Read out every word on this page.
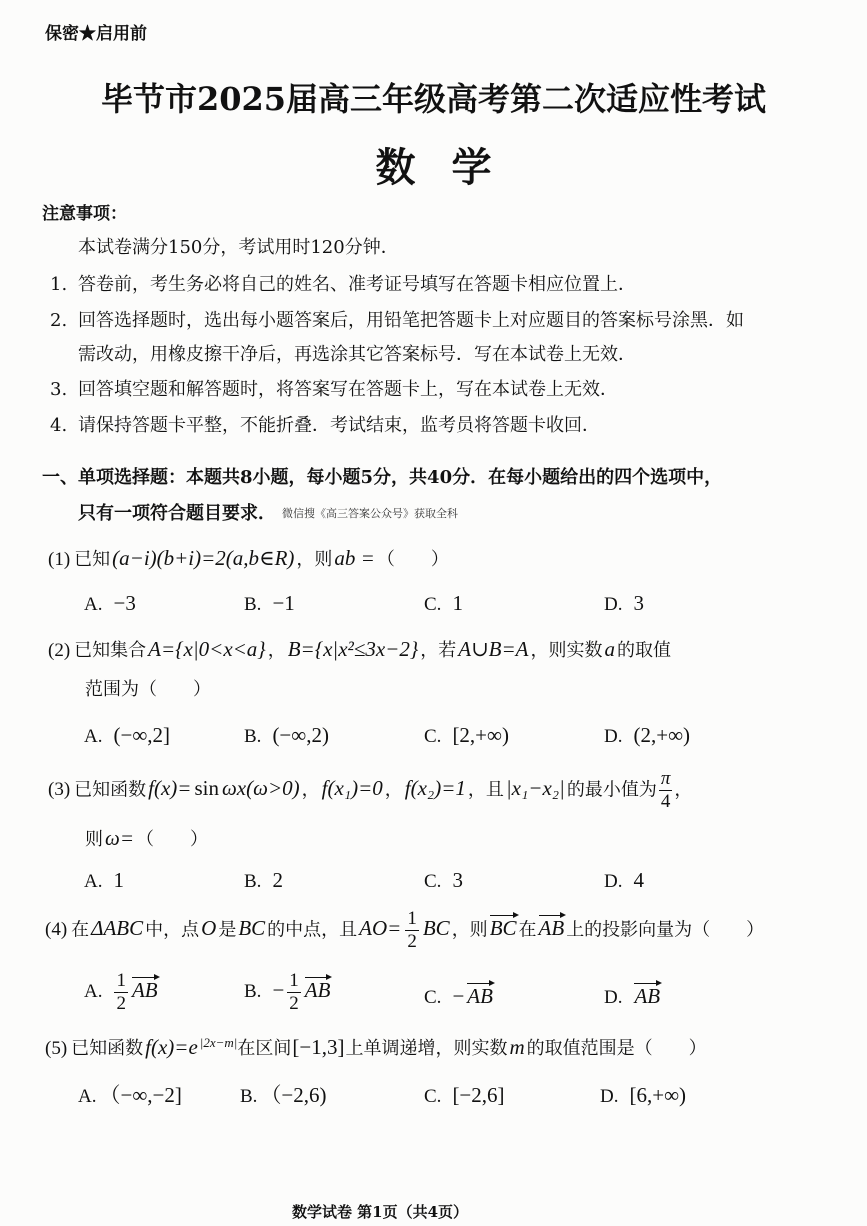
保密★启用前
毕节市2025届高三年级高考第二次适应性考试
数学
注意事项：
本试卷满分150分，考试用时120分钟．
1. 答卷前，考生务必将自己的姓名、准考证号填写在答题卡相应位置上．
2. 回答选择题时，选出每小题答案后，用铅笔把答题卡上对应题目的答案标号涂黑．如
需改动，用橡皮擦干净后，再选涂其它答案标号．写在本试卷上无效．
3. 回答填空题和解答题时，将答案写在答题卡上，写在本试卷上无效．
4. 请保持答题卡平整，不能折叠．考试结束，监考员将答题卡收回．
一、单项选择题：本题共8小题，每小题5分，共40分．在每小题给出的四个选项中，
只有一项符合题目要求． 微信搜《高三答案公众号》获取全科
(1) 已知(a−i)(b+i)=2(a,b∈R) ，则ab = （　　）
A. −3	B. −1	C. 1	D. 3
(2) 已知集合A={x|0<x<a} ，B={x|x²≤3x−2} ，若A∪B=A ，则实数a 的取值
范围为（　　）
A. (−∞,2]	B. (−∞,2)	C. [2,+∞)	D. (2,+∞)
(3) 已知函数f(x)= sin ωx(ω>0) ，f(x₁)=0 ，f(x₂)=1 ，且|x₁−x₂| 的最小值为 $\frac{\pi}{4}$ ，
则ω= （　　）
A. 1	B. 2	C. 3	D. 4
(4) 在ΔABC 中，点O 是BC 的中点，且$AO= \frac{1}{2}$ BC ，则BC 在AB 上的投影向量为（　　）
A. $\frac{1}{2}$ AB	B. − $\frac{1}{2}$ AB	C. − AB	D. AB
(5) 已知函数f(x)=e $^{|2x-m|}$在区间[−1,3]上单调递增，则实数m 的取值范围是（　　）
A. （−∞,−2]	B. （−2,6)	C. [−2,6]	D. [6,+∞)
数学试卷 第1页（共4页）
